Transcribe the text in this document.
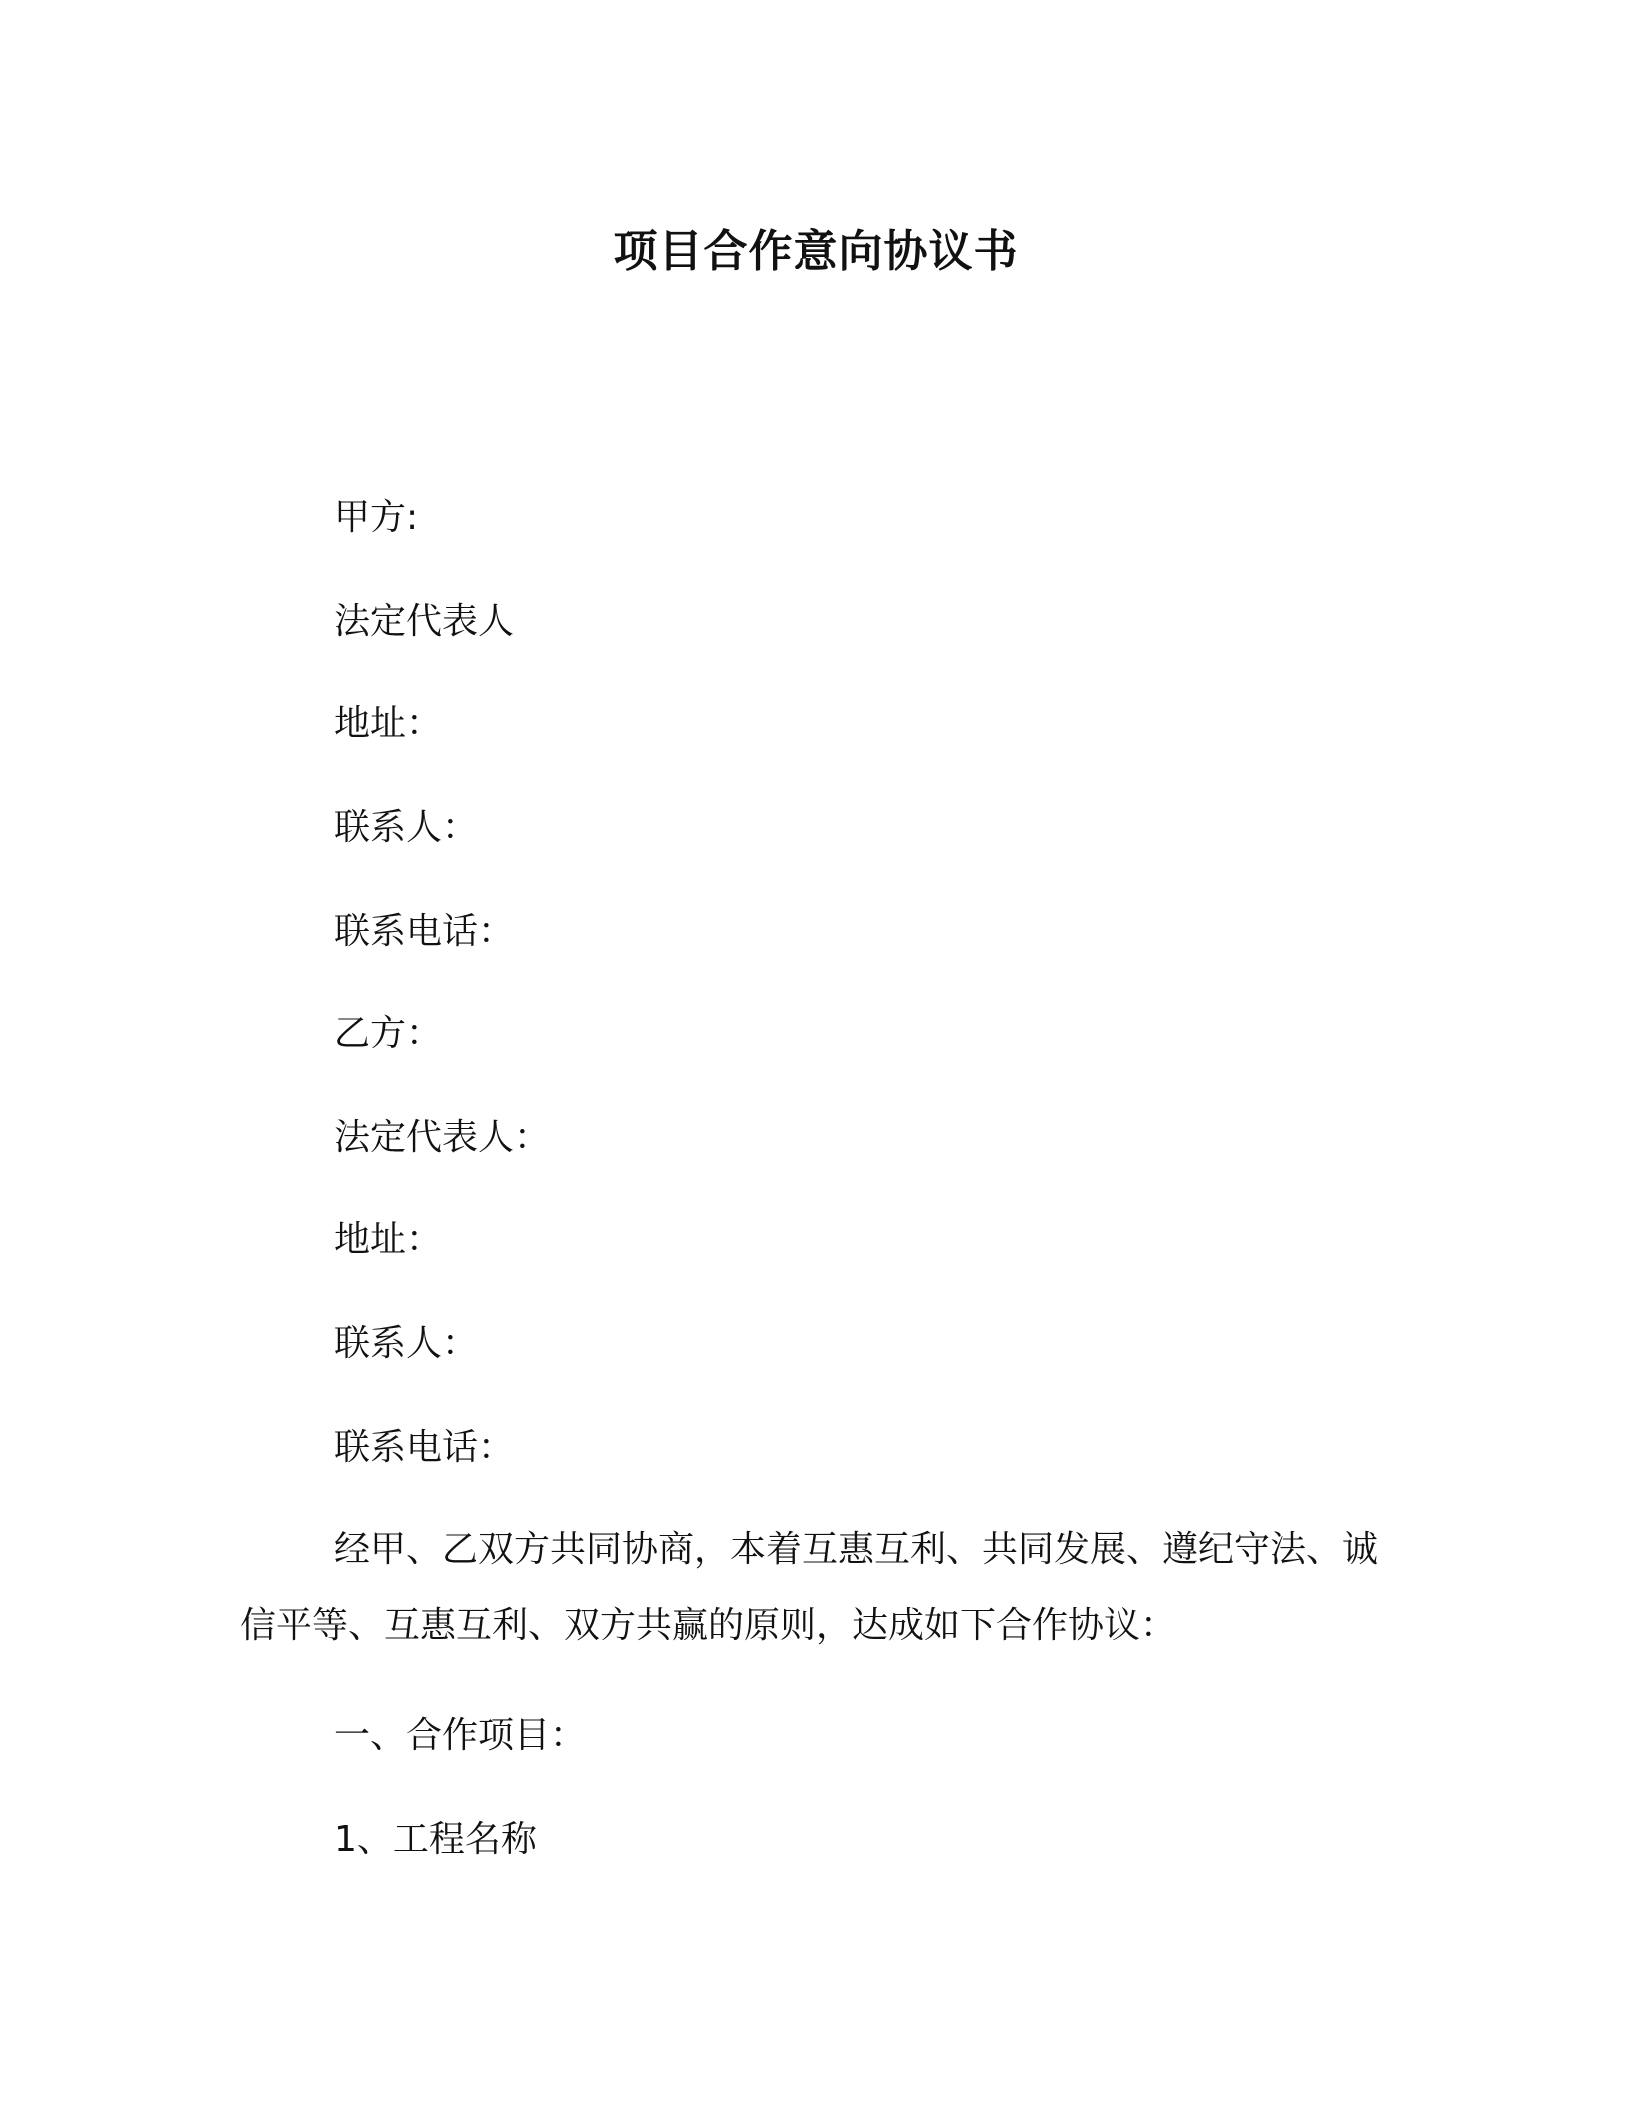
项目合作意向协议书

甲方:

法定代表人

地址：

联系人：

联系电话：

乙方：

法定代表人：

地址：

联系人：

联系电话：

经甲、乙双方共同协商，本着互惠互利、共同发展、遵纪守法、诚信平等、互惠互利、双方共赢的原则，达成如下合作协议：

一、合作项目：

1、工程名称
